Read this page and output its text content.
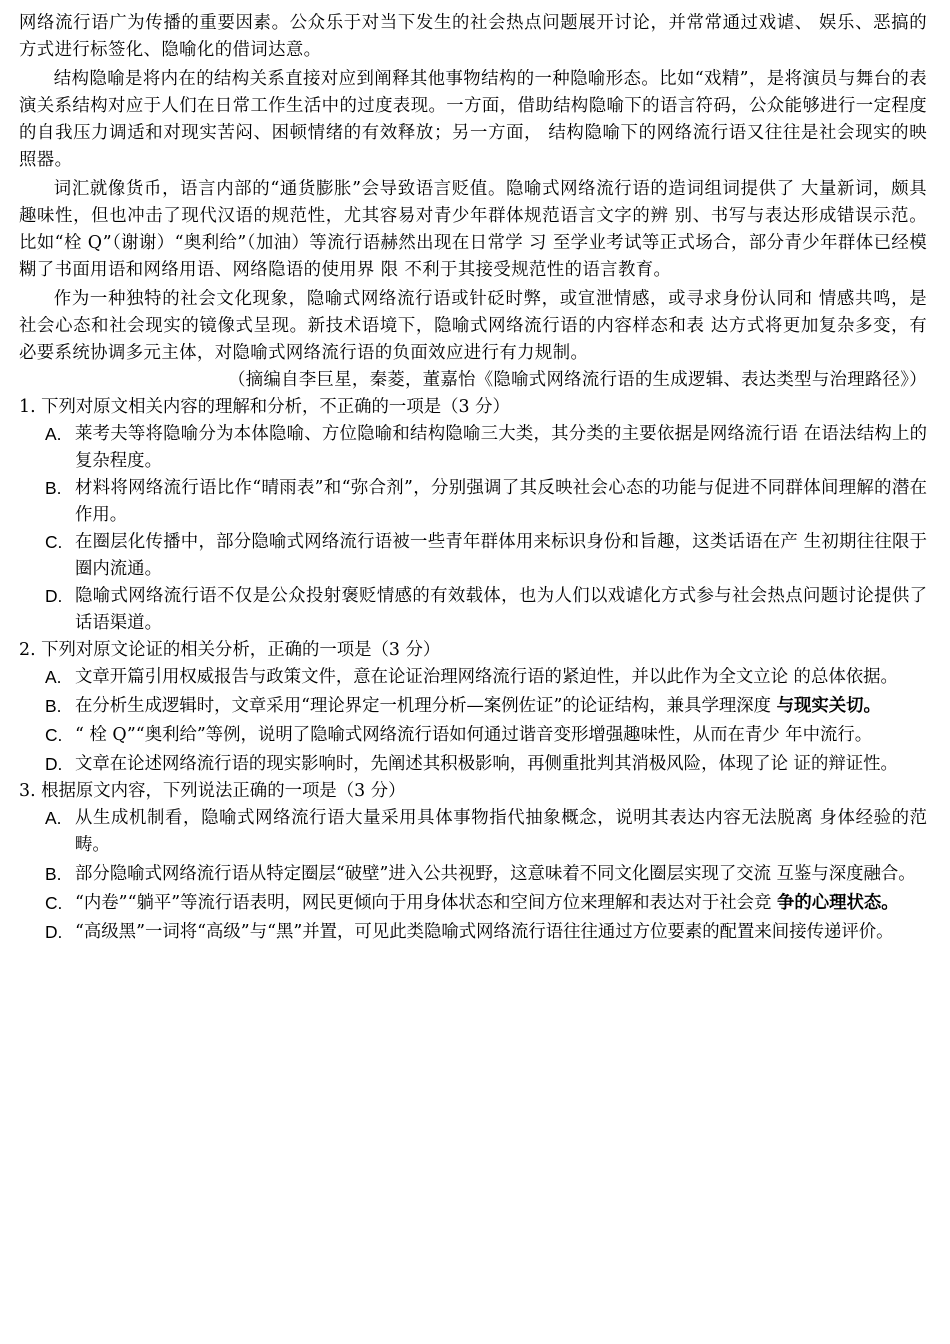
网络流行语广为传播的重要因素。公众乐于对当下发生的社会热点问题展开讨论，并常常通过戏谑、 娱乐、恶搞的方式进行标签化、隐喻化的借词达意。

结构隐喻是将内在的结构关系直接对应到阐释其他事物结构的一种隐喻形态。比如“戏精”，是将演员与舞台的表演关系结构对应于人们在日常工作生活中的过度表现。一方面，借助结构隐喻下的语言符码，公众能够进行一定程度的自我压力调适和对现实苦闷、困顿情绪的有效释放；另一方面， 结构隐喻下的网络流行语又往往是社会现实的映照器。

词汇就像货币，语言内部的“通货膨胀”会导致语言贬值。隐喻式网络流行语的造词组词提供了 大量新词，颇具趣味性，但也冲击了现代汉语的规范性，尤其容易对青少年群体规范语言文字的辨 别、书写与表达形成错误示范。比如“栓 Q”（谢谢）“奥利给”（加油）等流行语赫然出现在日常学 习 至学业考试等正式场合，部分青少年群体已经模糊了书面用语和网络用语、网络隐语的使用界 限 不利于其接受规范性的语言教育。

作为一种独特的社会文化现象，隐喻式网络流行语或针砭时弊，或宣泄情感，或寻求身份认同和 情感共鸣，是社会心态和社会现实的镜像式呈现。新技术语境下，隐喻式网络流行语的内容样态和表 达方式将更加复杂多变，有必要系统协调多元主体，对隐喻式网络流行语的负面效应进行有力规制。

（摘编自李巨星，秦菱，董嘉怡《隐喻式网络流行语的生成逻辑、表达类型与治理路径》）

1. 下列对原文相关内容的理解和分析，不正确的一项是（3 分）

A. 莱考夫等将隐喻分为本体隐喻、方位隐喻和结构隐喻三大类，其分类的主要依据是网络流行语 在语法结构上的复杂程度。
B. 材料将网络流行语比作“晴雨表”和“弥合剂”，分别强调了其反映社会心态的功能与促进不同群体间理解的潜在作用。
C. 在圈层化传播中，部分隐喻式网络流行语被一些青年群体用来标识身份和旨趣，这类话语在产 生初期往往限于圈内流通。
D. 隐喻式网络流行语不仅是公众投射褒贬情感的有效载体，也为人们以戏谑化方式参与社会热点问题讨论提供了话语渠道。

2. 下列对原文论证的相关分析，正确的一项是（3 分）

A. 文章开篇引用权威报告与政策文件，意在论证治理网络流行语的紧迫性，并以此作为全文立论 的总体依据。
B. 在分析生成逻辑时，文章采用“理论界定一机理分析—案例佐证”的论证结构，兼具学理深度 与现实关切。
C. “ 栓 Q”“奥利给”等例，说明了隐喻式网络流行语如何通过谐音变形增强趣味性，从而在青少 年中流行。
D. 文章在论述网络流行语的现实影响时，先阐述其积极影响，再侧重批判其消极风险，体现了论 证的辩证性。

3. 根据原文内容，下列说法正确的一项是（3 分）

A. 从生成机制看，隐喻式网络流行语大量采用具体事物指代抽象概念，说明其表达内容无法脱离 身体经验的范畴。
B. 部分隐喻式网络流行语从特定圈层“破壁”进入公共视野，这意味着不同文化圈层实现了交流 互鉴与深度融合。
C. “内卷”“躺平”等流行语表明，网民更倾向于用身体状态和空间方位来理解和表达对于社会竞 争的心理状态。
D. “高级黑”一词将“高级”与“黑”并置，可见此类隐喻式网络流行语往往通过方位要素的配置来间接传递评价。
